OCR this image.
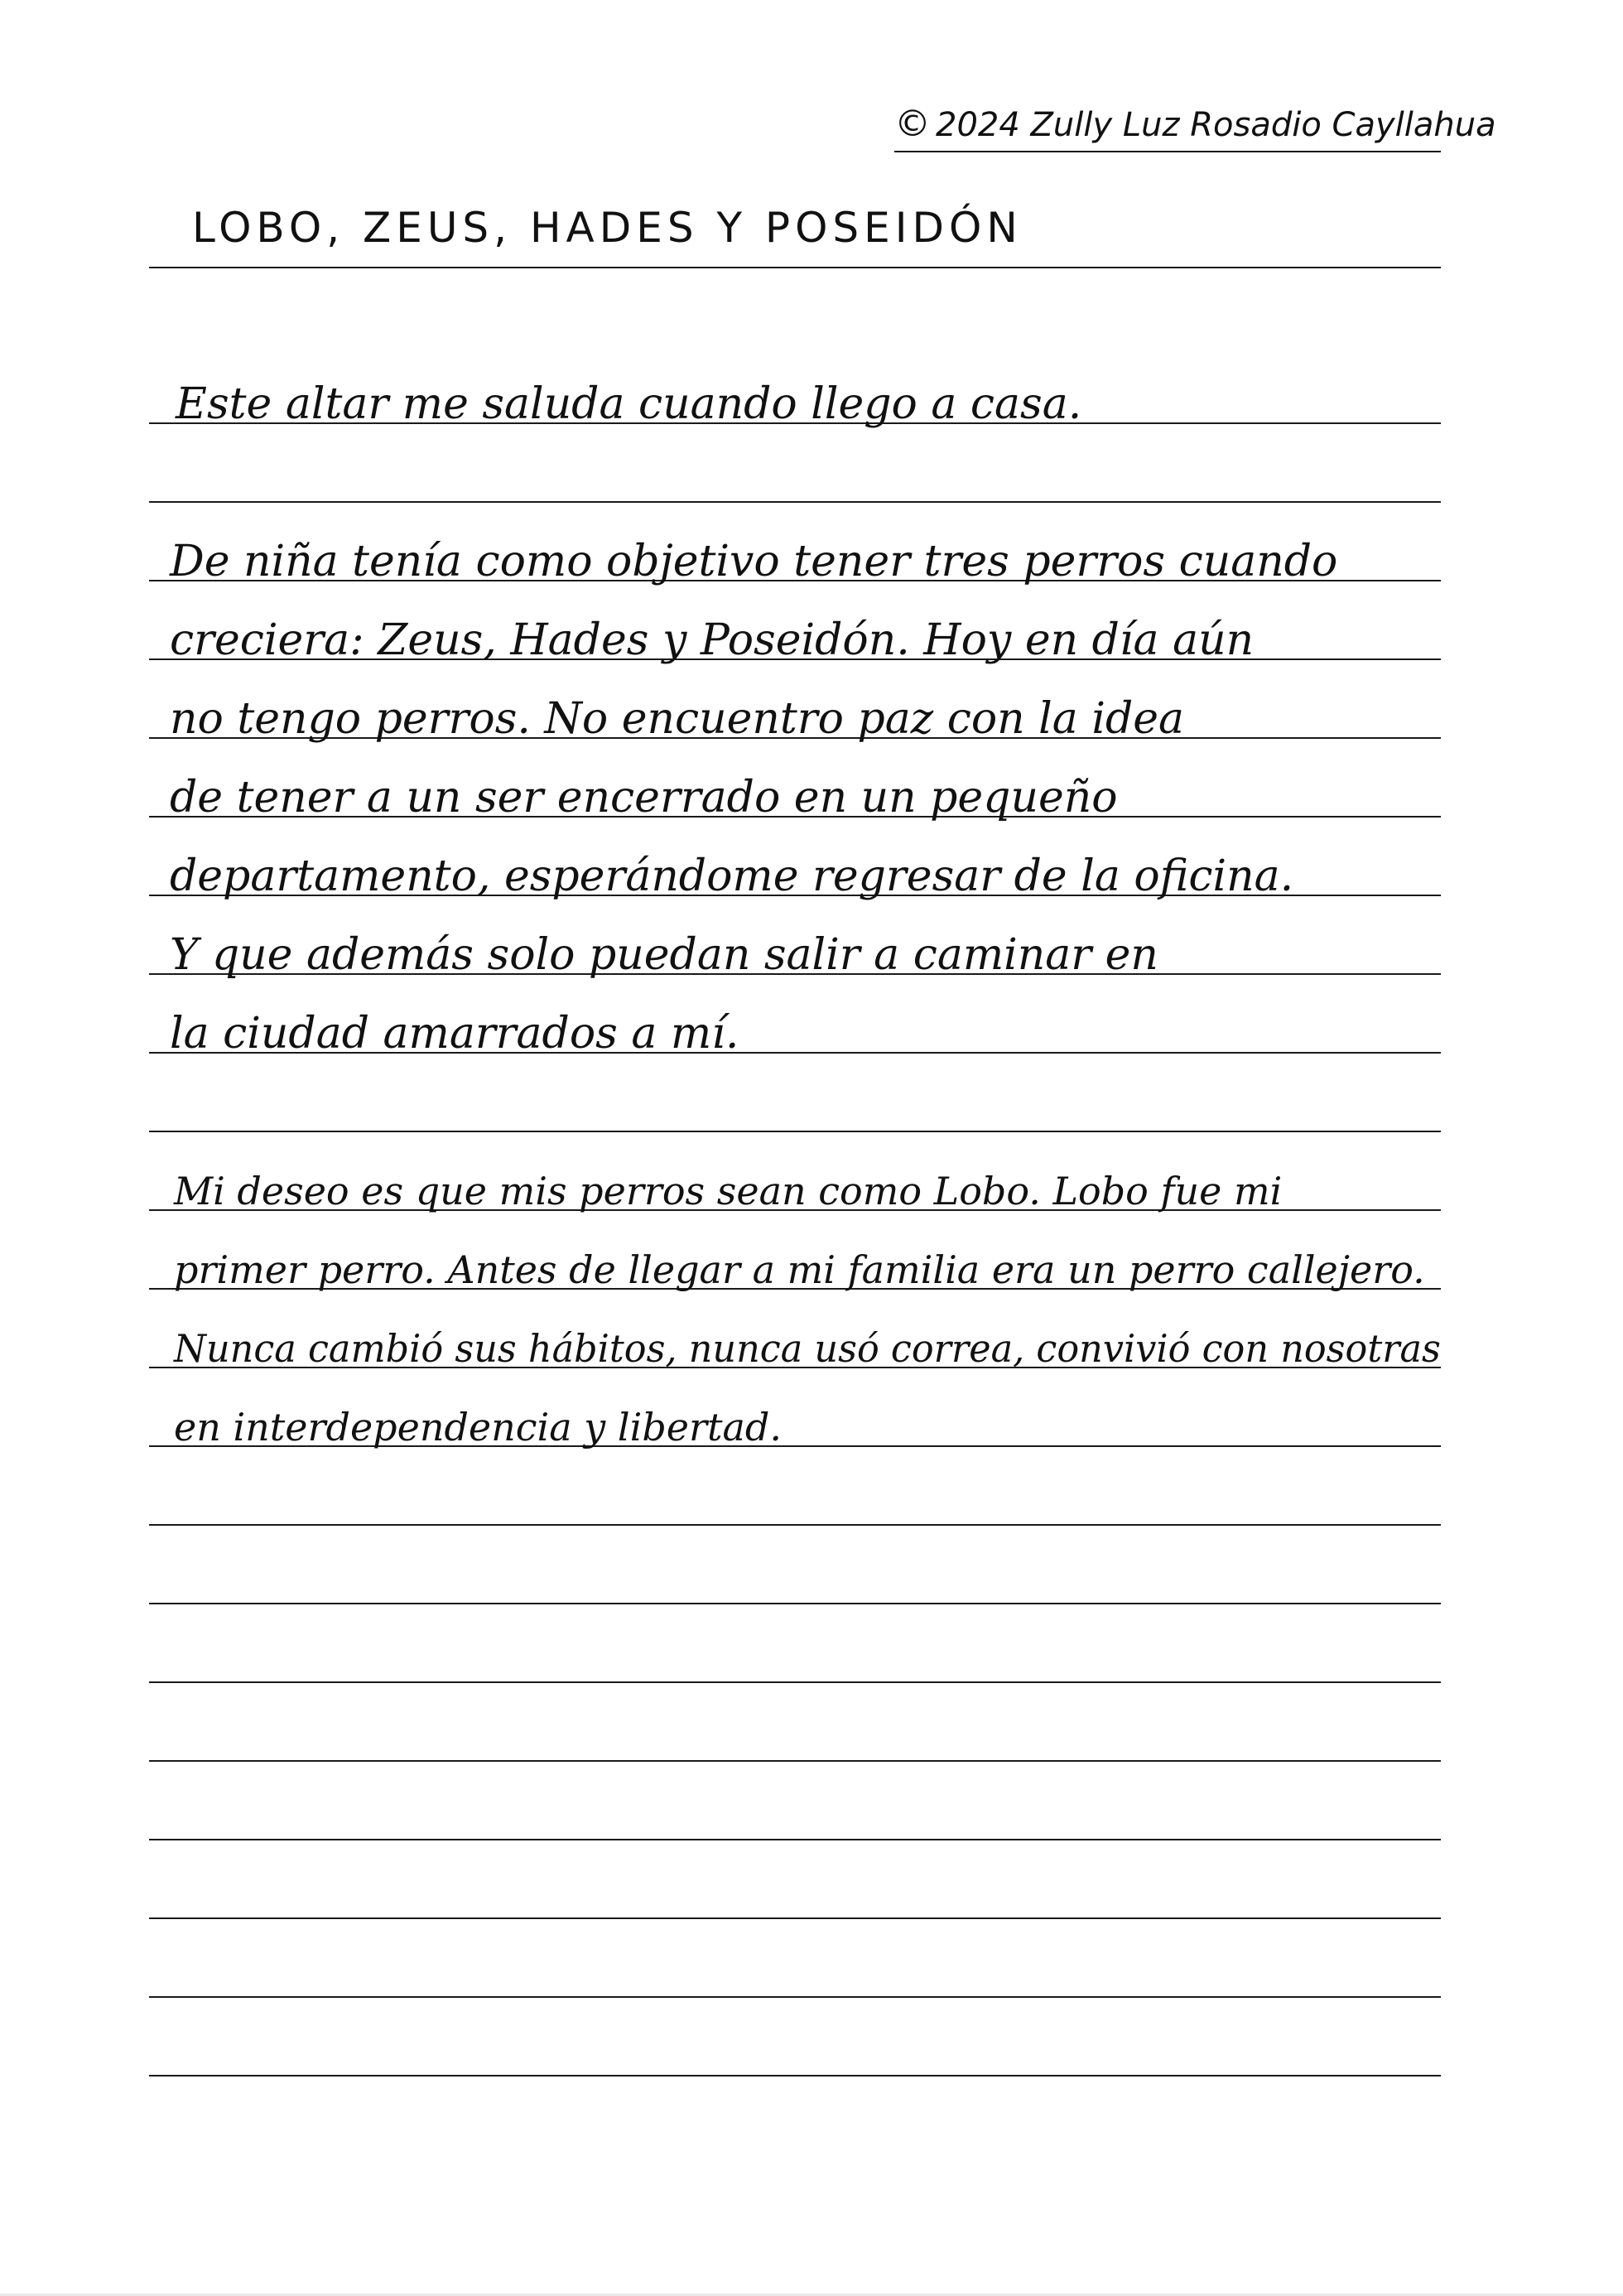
© 2024 Zully Luz Rosadio Cayllahua
LOBO, ZEUS, HADES Y POSEIDÓN
Este altar me saluda cuando llego a casa.
De niña tenía como objetivo tener tres perros cuando
creciera: Zeus, Hades y Poseidón. Hoy en día aún
no tengo perros. No encuentro paz con la idea
de tener a un ser encerrado en un pequeño
departamento, esperándome regresar de la oficina.
Y que además solo puedan salir a caminar en
la ciudad amarrados a mí.
Mi deseo es que mis perros sean como Lobo. Lobo fue mi
primer perro. Antes de llegar a mi familia era un perro callejero.
Nunca cambió sus hábitos, nunca usó correa, convivió con nosotras
en interdependencia y libertad.
